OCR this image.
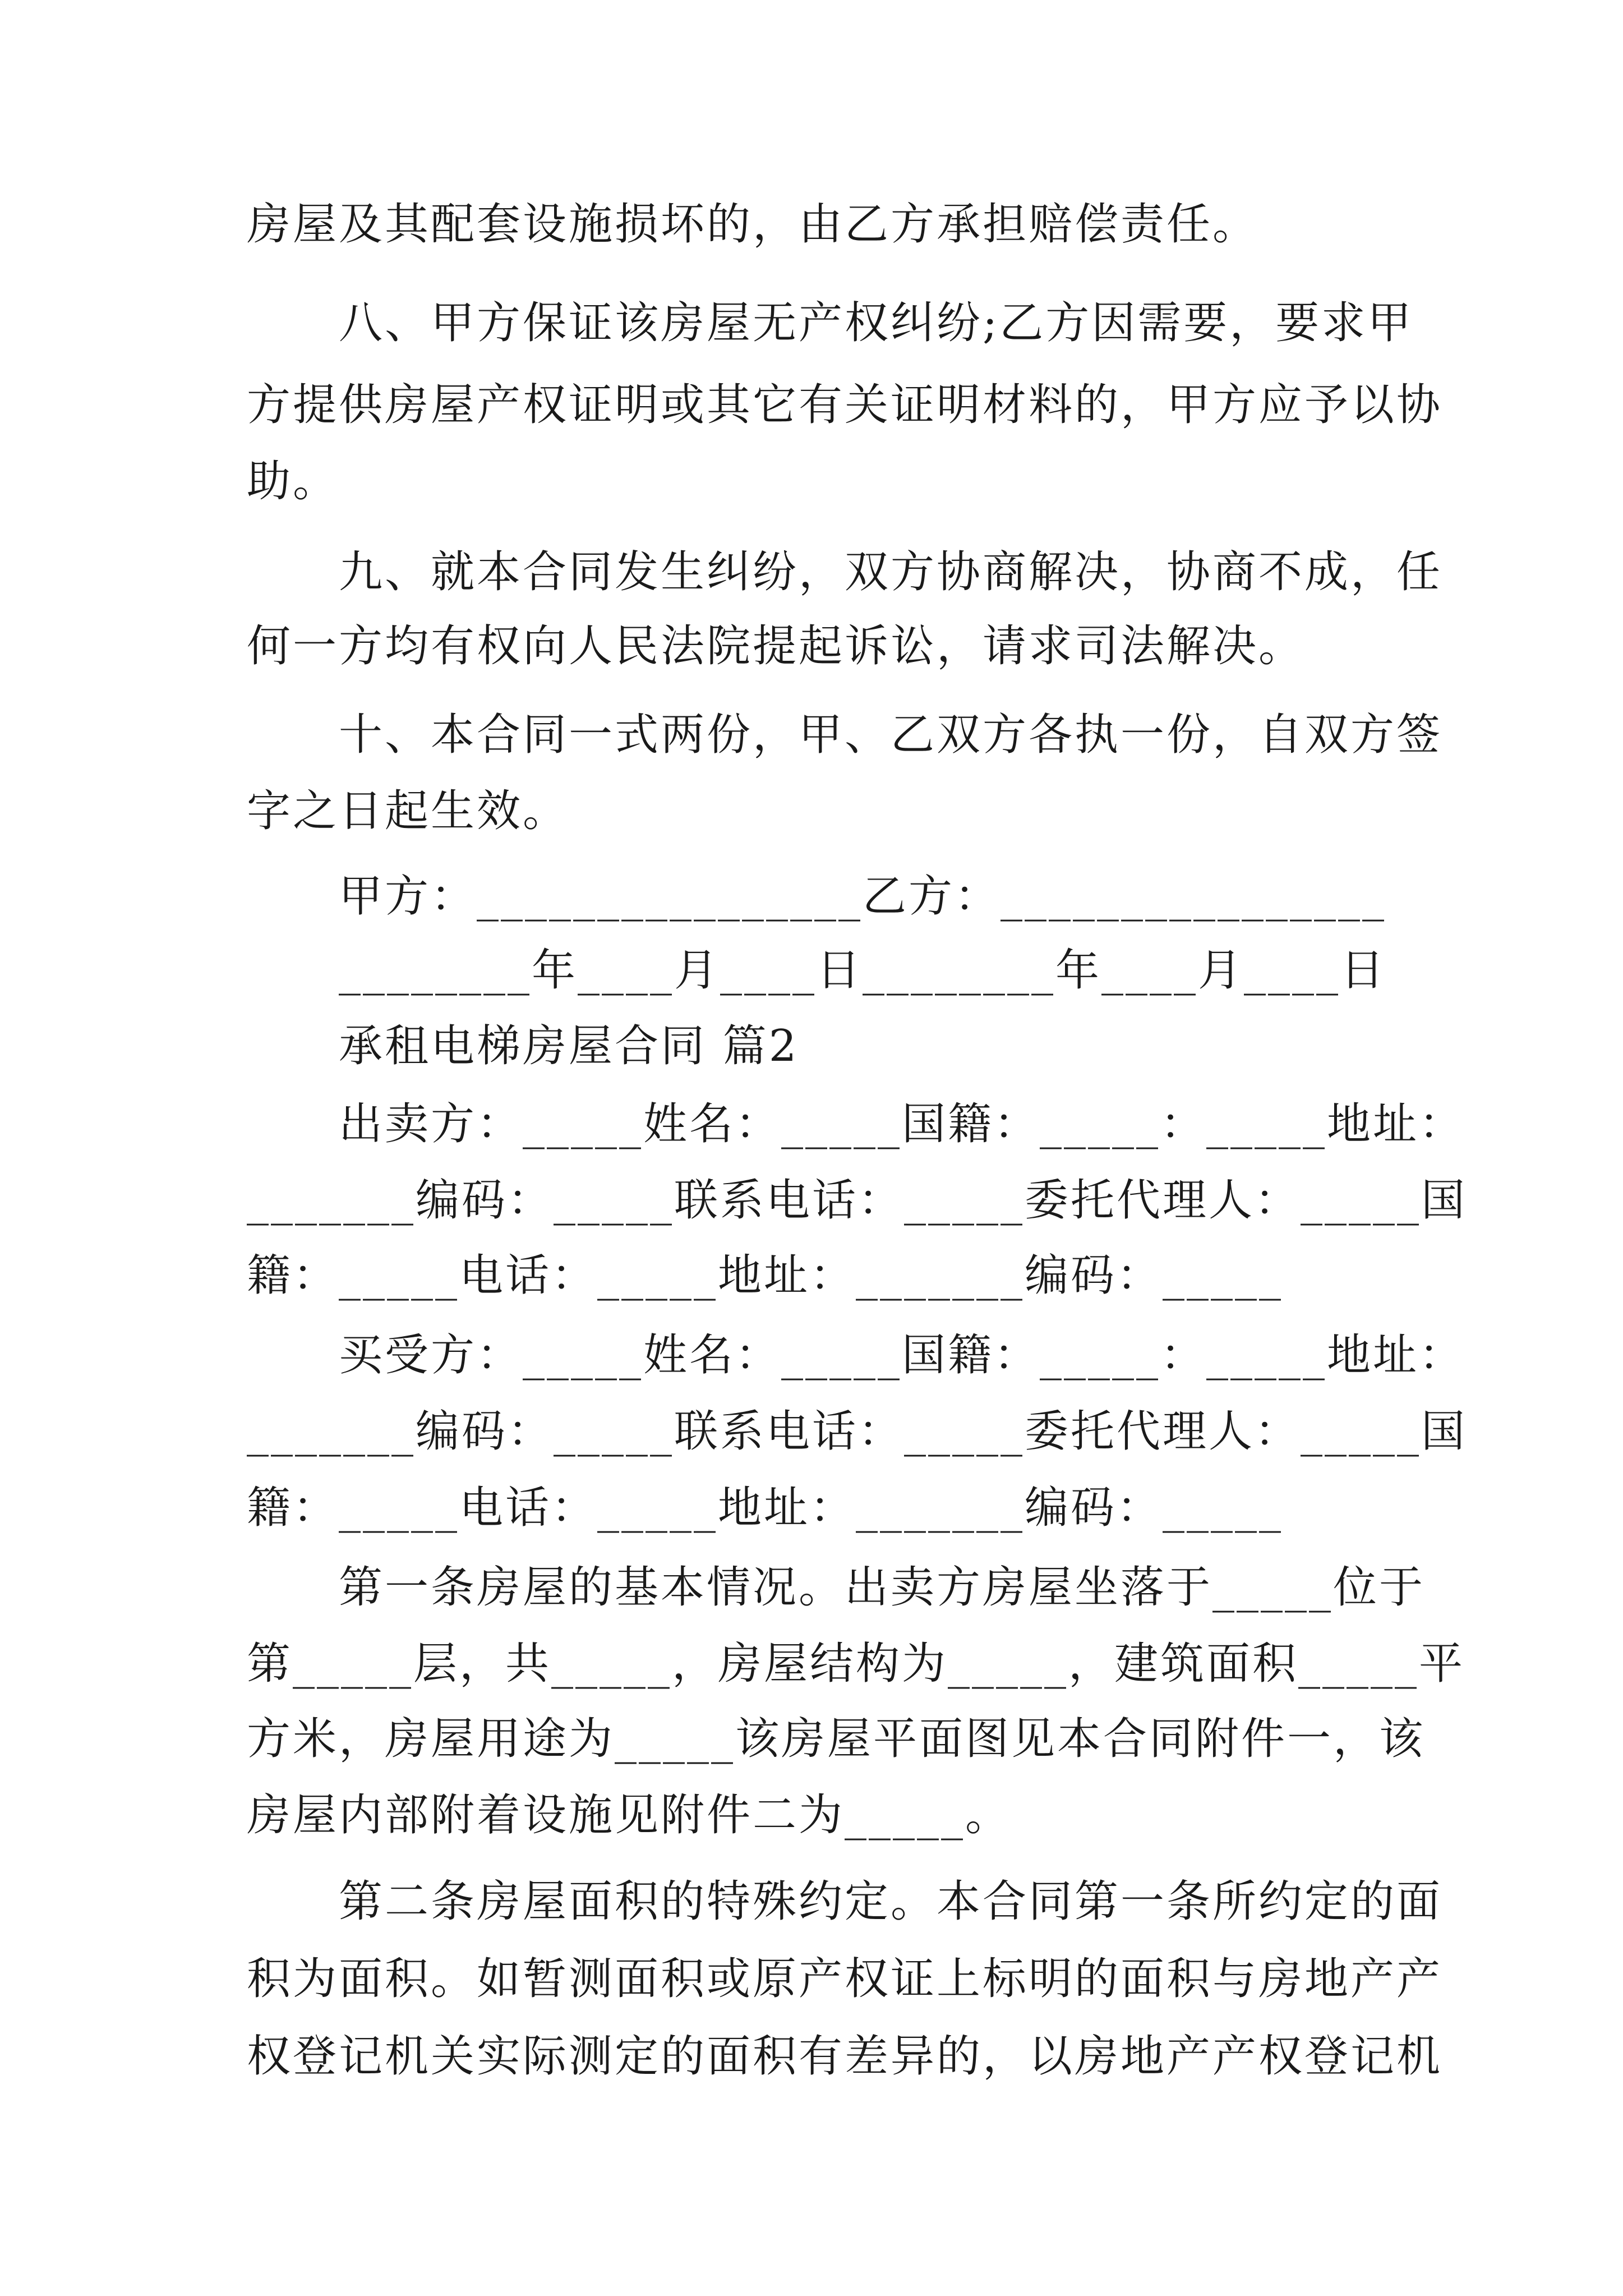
房屋及其配套设施损坏的，由乙方承担赔偿责任。
八、甲方保证该房屋无产权纠纷;乙方因需要，要求甲
方提供房屋产权证明或其它有关证明材料的，甲方应予以协
助。
九、就本合同发生纠纷，双方协商解决，协商不成，任
何一方均有权向人民法院提起诉讼，请求司法解决。
十、本合同一式两份，甲、乙双方各执一份，自双方签
字之日起生效。
甲方：________________乙方：________________
________年____月____日________年____月____日
承租电梯房屋合同 篇2
出卖方：_____姓名：_____国籍：_____：_____地址：
_______编码：_____联系电话：_____委托代理人：_____国
籍：_____电话：_____地址：_______编码：_____
买受方：_____姓名：_____国籍：_____：_____地址：
_______编码：_____联系电话：_____委托代理人：_____国
籍：_____电话：_____地址：_______编码：_____
第一条房屋的基本情况。出卖方房屋坐落于_____位于
第_____层，共_____，房屋结构为_____，建筑面积_____平
方米，房屋用途为_____该房屋平面图见本合同附件一，该
房屋内部附着设施见附件二为_____。
第二条房屋面积的特殊约定。本合同第一条所约定的面
积为面积。如暂测面积或原产权证上标明的面积与房地产产
权登记机关实际测定的面积有差异的，以房地产产权登记机
